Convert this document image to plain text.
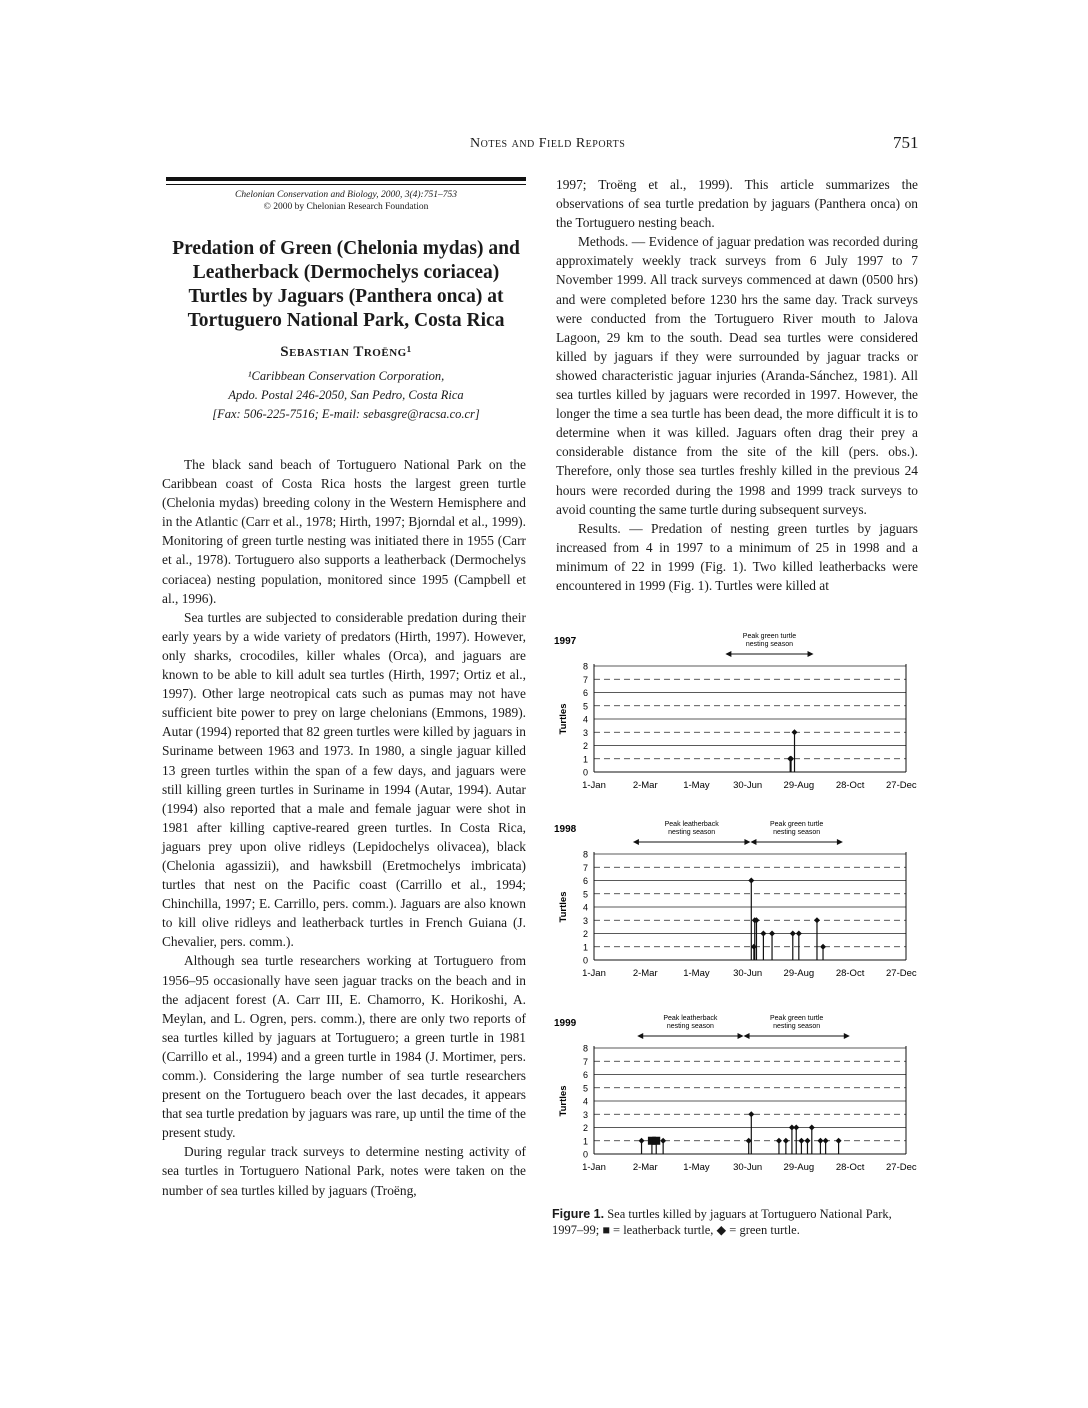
Notes and Field Reports	751
Chelonian Conservation and Biology, 2000, 3(4):751–753
© 2000 by Chelonian Research Foundation
Predation of Green (Chelonia mydas) and Leatherback (Dermochelys coriacea) Turtles by Jaguars (Panthera onca) at Tortuguero National Park, Costa Rica
Sebastian Troëng¹
¹Caribbean Conservation Corporation,
Apdo. Postal 246-2050, San Pedro, Costa Rica
[Fax: 506-225-7516; E-mail: sebasgre@racsa.co.cr]

The black sand beach of Tortuguero National Park on the Caribbean coast of Costa Rica hosts the largest green turtle (Chelonia mydas) breeding colony in the Western Hemisphere and in the Atlantic (Carr et al., 1978; Hirth, 1997; Bjorndal et al., 1999). Monitoring of green turtle nesting was initiated there in 1955 (Carr et al., 1978). Tortuguero also supports a leatherback (Dermochelys coriacea) nesting population, monitored since 1995 (Campbell et al., 1996).

Sea turtles are subjected to considerable predation during their early years by a wide variety of predators (Hirth, 1997). However, only sharks, crocodiles, killer whales (Orca), and jaguars are known to be able to kill adult sea turtles (Hirth, 1997; Ortiz et al., 1997). Other large neotropical cats such as pumas may not have sufficient bite power to prey on large chelonians (Emmons, 1989). Autar (1994) reported that 82 green turtles were killed by jaguars in Suriname between 1963 and 1973. In 1980, a single jaguar killed 13 green turtles within the span of a few days, and jaguars were still killing green turtles in Suriname in 1994 (Autar, 1994). Autar (1994) also reported that a male and female jaguar were shot in 1981 after killing captive-reared green turtles. In Costa Rica, jaguars prey upon olive ridleys (Lepidochelys olivacea), black (Chelonia agassizii), and hawksbill (Eretmochelys imbricata) turtles that nest on the Pacific coast (Carrillo et al., 1994; Chinchilla, 1997; E. Carrillo, pers. comm.). Jaguars are also known to kill olive ridleys and leatherback turtles in French Guiana (J. Chevalier, pers. comm.).

Although sea turtle researchers working at Tortuguero from 1956–95 occasionally have seen jaguar tracks on the beach and in the adjacent forest (A. Carr III, E. Chamorro, K. Horikoshi, A. Meylan, and L. Ogren, pers. comm.), there are only two reports of sea turtles killed by jaguars at Tortuguero; a green turtle in 1981 (Carrillo et al., 1994) and a green turtle in 1984 (J. Mortimer, pers. comm.). Considering the large number of sea turtle researchers present on the Tortuguero beach over the last decades, it appears that sea turtle predation by jaguars was rare, up until the time of the present study.

During regular track surveys to determine nesting activity of sea turtles in Tortuguero National Park, notes were taken on the number of sea turtles killed by jaguars (Troëng,

1997; Troëng et al., 1999). This article summarizes the observations of sea turtle predation by jaguars (Panthera onca) on the Tortuguero nesting beach.

Methods. — Evidence of jaguar predation was recorded during approximately weekly track surveys from 6 July 1997 to 7 November 1999. All track surveys commenced at dawn (0500 hrs) and were completed before 1230 hrs the same day. Track surveys were conducted from the Tortuguero River mouth to Jalova Lagoon, 29 km to the south. Dead sea turtles were considered killed by jaguars if they were surrounded by jaguar tracks or showed characteristic jaguar injuries (Aranda-Sánchez, 1981). All sea turtles killed by jaguars were recorded in 1997. However, the longer the time a sea turtle has been dead, the more difficult it is to determine when it was killed. Jaguars often drag their prey a considerable distance from the site of the kill (pers. obs.). Therefore, only those sea turtles freshly killed in the previous 24 hours were recorded during the 1998 and 1999 track surveys to avoid counting the same turtle during subsequent surveys.

Results. — Predation of nesting green turtles by jaguars increased from 4 in 1997 to a minimum of 25 in 1998 and a minimum of 22 in 1999 (Fig. 1). Two killed leatherbacks were encountered in 1999 (Fig. 1). Turtles were killed at

1997
Turtles
0
1
2
3
4
5
6
7
8
1-Jan	2-Mar	1-May 30-Jun 29-Aug 28-Oct 27-Dec
Peak green turtle
nesting season
1998
Turtles
0
1
2
3
4
5
6
7
8
1-Jan	2-Mar	1-May 30-Jun 29-Aug 28-Oct 27-Dec
Peak leatherback
nesting season
Peak green turtle
nesting season
1999
Turtles
0
1
2
3
4
5
6
7
8
1-Jan	2-Mar	1-May 30-Jun 29-Aug 28-Oct 27-Dec
Peak leatherback
nesting season
Peak green turtle
nesting season
Figure 1. Sea turtles killed by jaguars at Tortuguero National Park, 1997–99; ■ = leatherback turtle, ◆ = green turtle.
